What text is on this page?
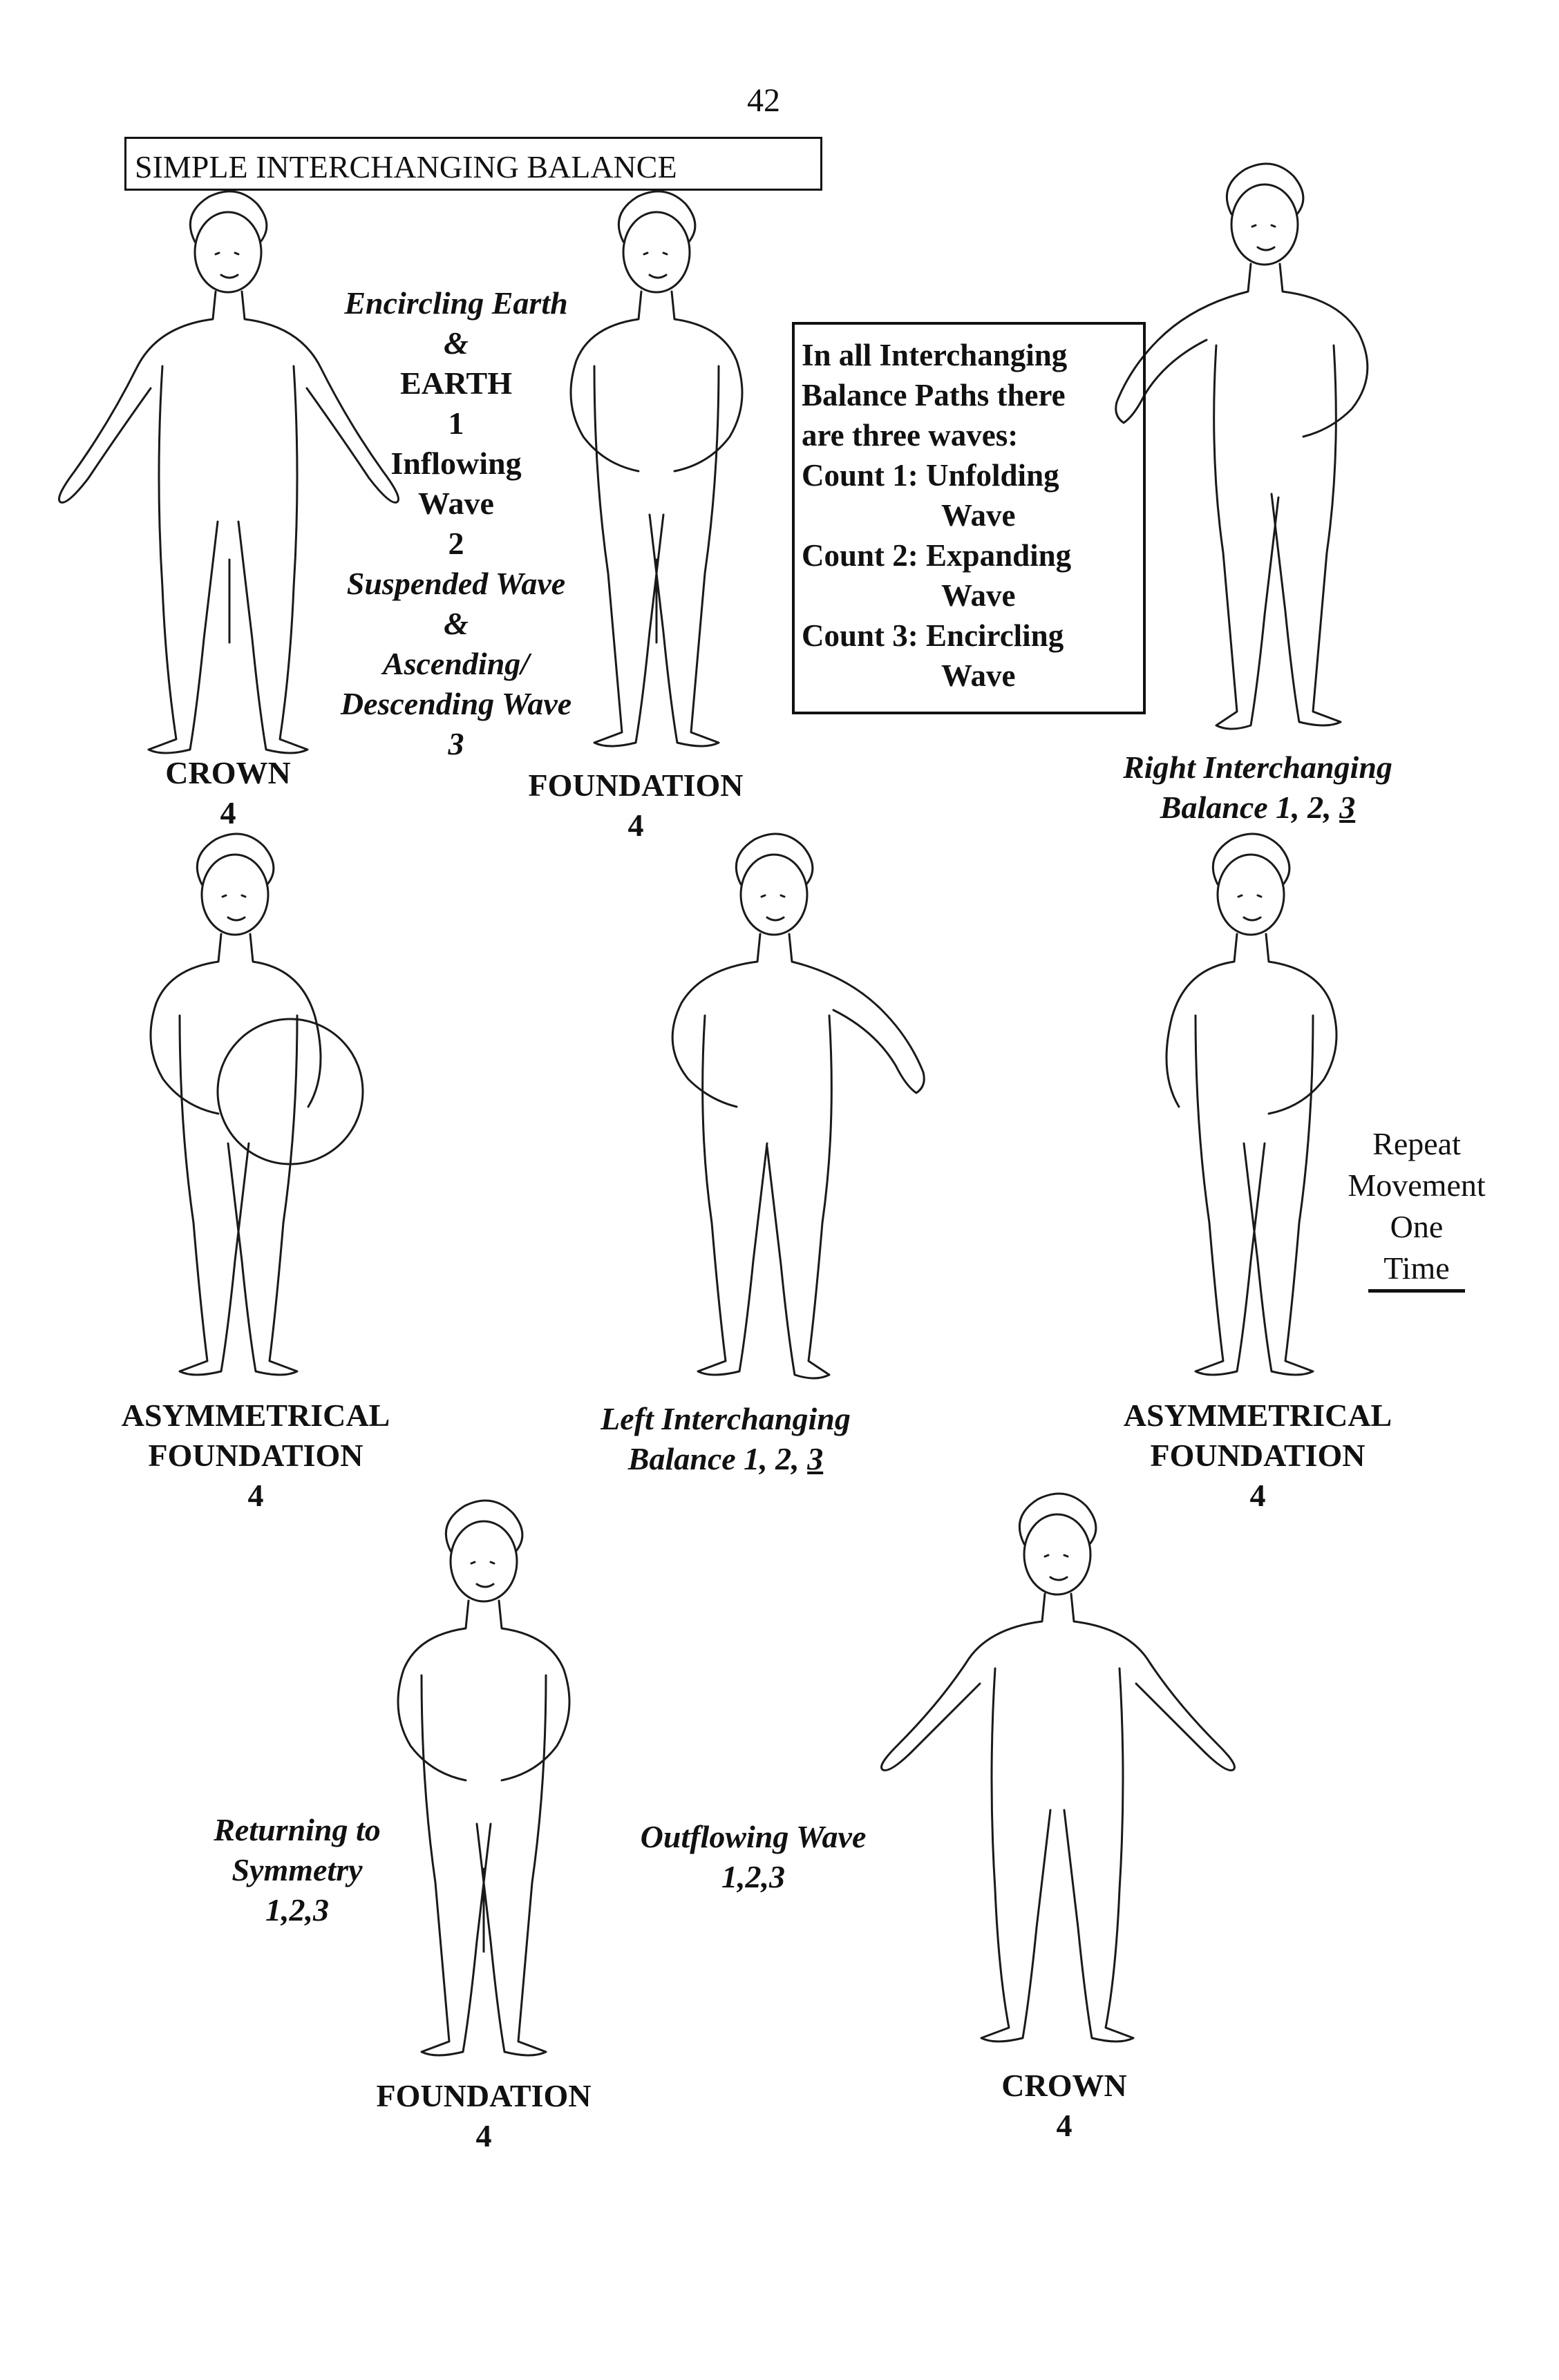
42
SIMPLE INTERCHANGING BALANCE
In all Interchanging
Balance Paths there
are three waves:
Count 1: Unfolding
Wave
Count 2: Expanding
Wave
Count 3: Encircling
Wave
Encircling Earth
&
EARTH
1
Inflowing
Wave
2
Suspended Wave
&
Ascending/
Descending Wave
3
CROWN
4
FOUNDATION
4
Right Interchanging
Balance 1, 2, 3
ASYMMETRICAL
FOUNDATION
4
Left Interchanging
Balance 1, 2, 3
ASYMMETRICAL
FOUNDATION
4
FOUNDATION
4
CROWN
4
Repeat
Movement
One
Time
Returning to
Symmetry
1,2,3
Outflowing Wave
1,2,3
